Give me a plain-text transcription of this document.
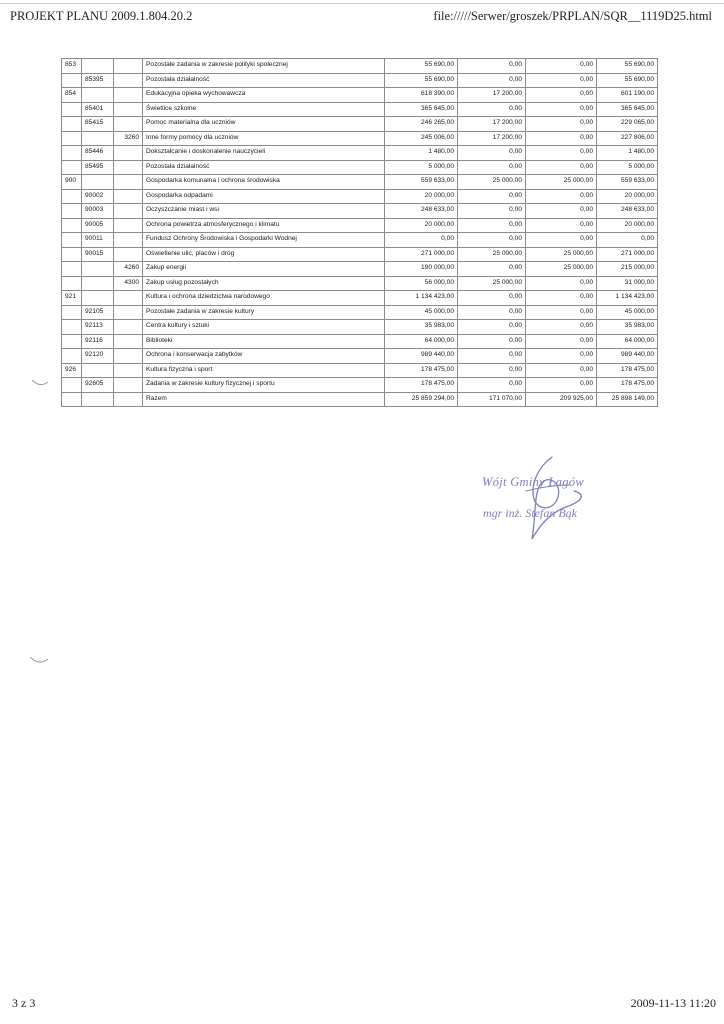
PROJEKT PLANU 2009.1.804.20.2	file://///Serwer/groszek/PRPLAN/SQR__1119D25.html
853			Pozostałe zadania w zakresie polityki społecznej	55 690,00	0,00	0,00	55 690,00
	85395		Pozostała działalność	55 690,00	0,00	0,00	55 690,00
854			Edukacyjna opieka wychowawcza	618 390,00	17 200,00	0,00	601 190,00
	85401		Świetlice szkolne	365 645,00	0,00	0,00	365 645,00
	85415		Pomoc materialna dla uczniów	246 265,00	17 200,00	0,00	229 065,00
		3260	Inne formy pomocy dla uczniów	245 006,00	17 200,00	0,00	227 806,00
	85446		Dokształcanie i doskonalenie nauczycieli	1 480,00	0,00	0,00	1 480,00
	85495		Pozostała działalność	5 000,00	0,00	0,00	5 000,00
900			Gospodarka komunalna i ochrona środowiska	559 633,00	25 000,00	25 000,00	559 633,00
	90002		Gospodarka odpadami	20 000,00	0,00	0,00	20 000,00
	90003		Oczyszczanie miast i wsi	248 633,00	0,00	0,00	248 633,00
	90005		Ochrona powietrza atmosferycznego i klimatu	20 000,00	0,00	0,00	20 000,00
	90011		Fundusz Ochrony Środowiska i Gospodarki Wodnej	0,00	0,00	0,00	0,00
	90015		Oświetlenie ulic, placów i dróg	271 000,00	25 000,00	25 000,00	271 000,00
		4260	Zakup energii	190 000,00	0,00	25 000,00	215 000,00
		4300	Zakup usług pozostałych	56 000,00	25 000,00	0,00	31 000,00
921			Kultura i ochrona dziedzictwa narodowego	1 134 423,00	0,00	0,00	1 134 423,00
	92105		Pozostałe zadania w zakresie kultury	45 000,00	0,00	0,00	45 000,00
	92113		Centra kultury i sztuki	35 983,00	0,00	0,00	35 983,00
	92116		Biblioteki	64 000,00	0,00	0,00	64 000,00
	92120		Ochrona i konserwacja zabytków	989 440,00	0,00	0,00	989 440,00
926			Kultura fizyczna i sport	178 475,00	0,00	0,00	178 475,00
	92605		Zadania w zakresie kultury fizycznej i sportu	178 475,00	0,00	0,00	178 475,00
			Razem	25 859 294,00	171 070,00	209 925,00	25 898 149,00
Wójt Gminy Łagów
mgr inż. Stefan Bąk
3 z 3	2009-11-13 11:20
